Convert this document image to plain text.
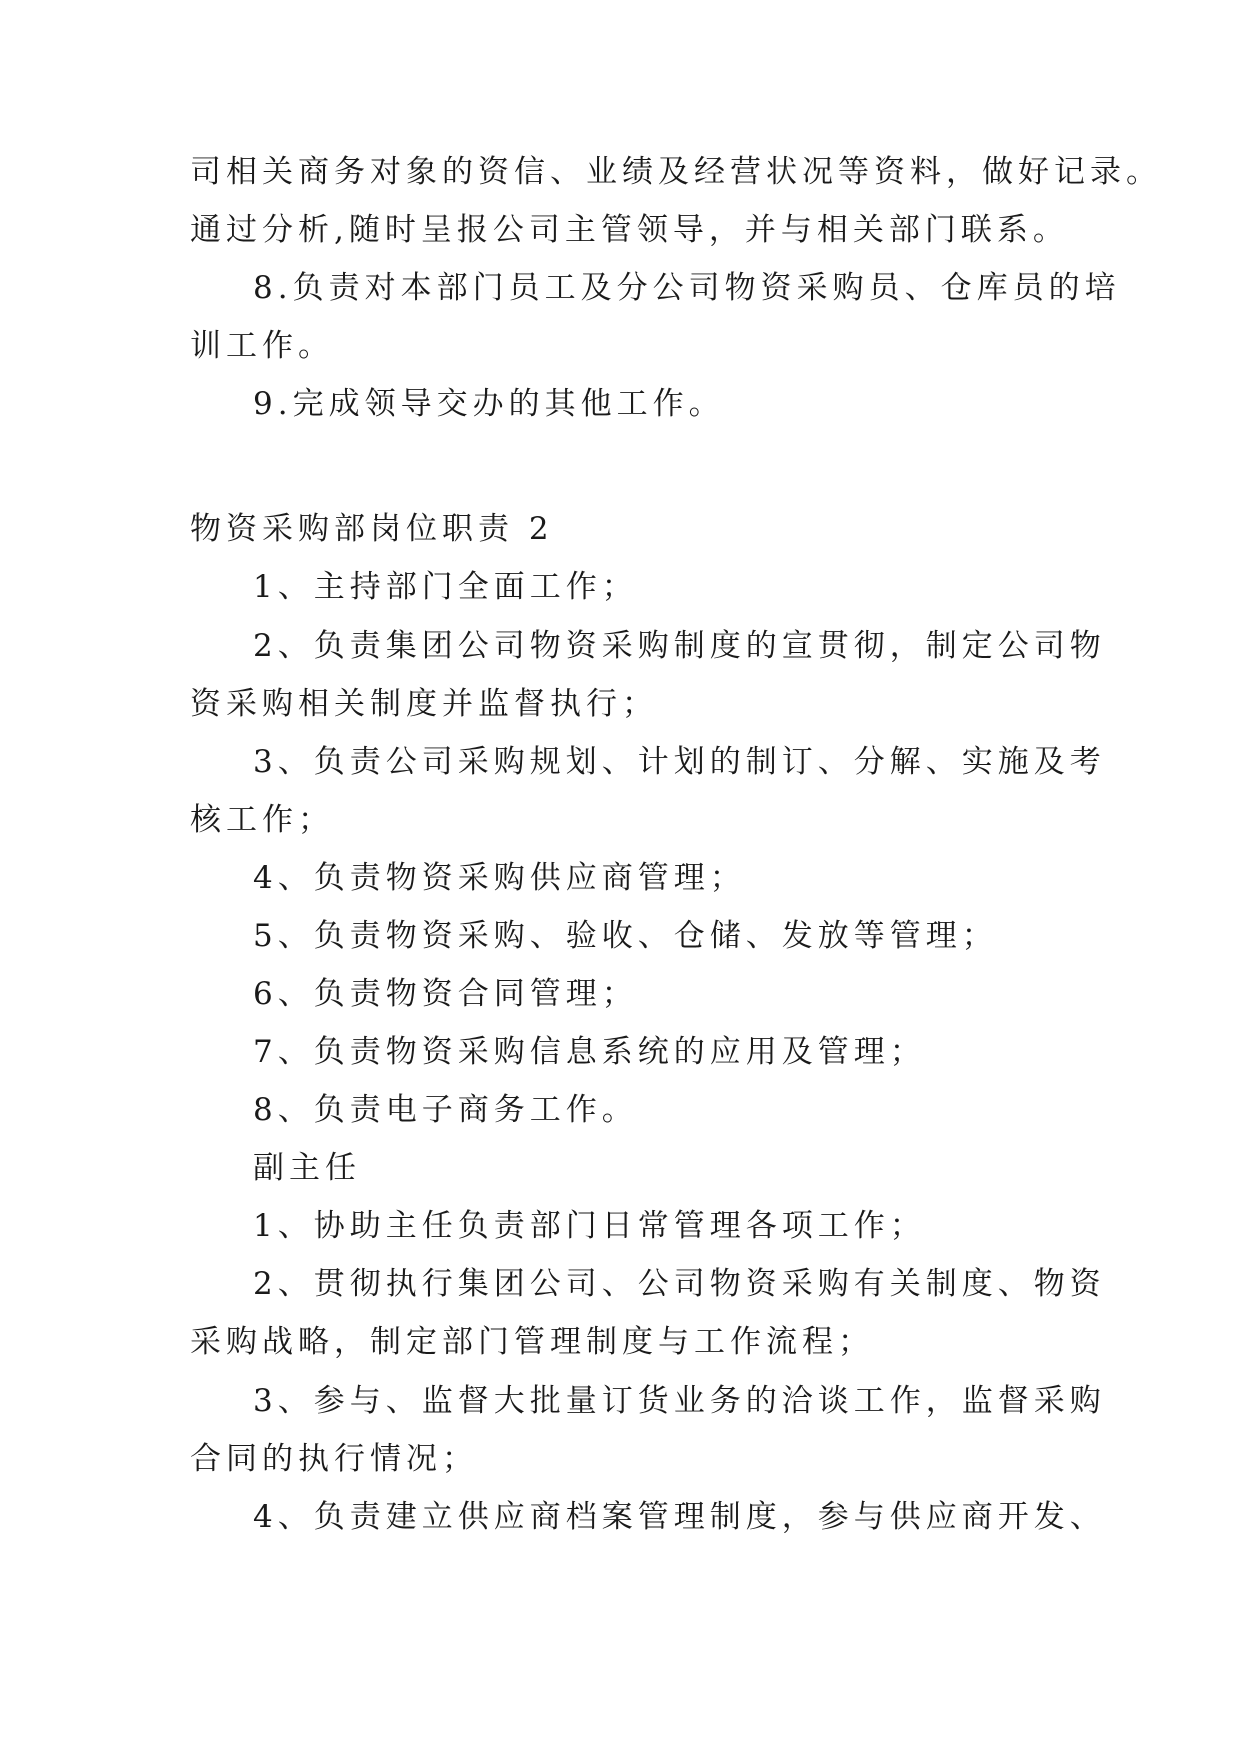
司相关商务对象的资信、业绩及经营状况等资料，做好记录。
通过分析,随时呈报公司主管领导，并与相关部门联系。
8.负责对本部门员工及分公司物资采购员、仓库员的培
训工作。
9.完成领导交办的其他工作。
物资采购部岗位职责 2
1、主持部门全面工作；
2、负责集团公司物资采购制度的宣贯彻，制定公司物
资采购相关制度并监督执行；
3、负责公司采购规划、计划的制订、分解、实施及考
核工作；
4、负责物资采购供应商管理；
5、负责物资采购、验收、仓储、发放等管理；
6、负责物资合同管理；
7、负责物资采购信息系统的应用及管理；
8、负责电子商务工作。
副主任
1、协助主任负责部门日常管理各项工作；
2、贯彻执行集团公司、公司物资采购有关制度、物资
采购战略，制定部门管理制度与工作流程；
3、参与、监督大批量订货业务的洽谈工作，监督采购
合同的执行情况；
4、负责建立供应商档案管理制度，参与供应商开发、
